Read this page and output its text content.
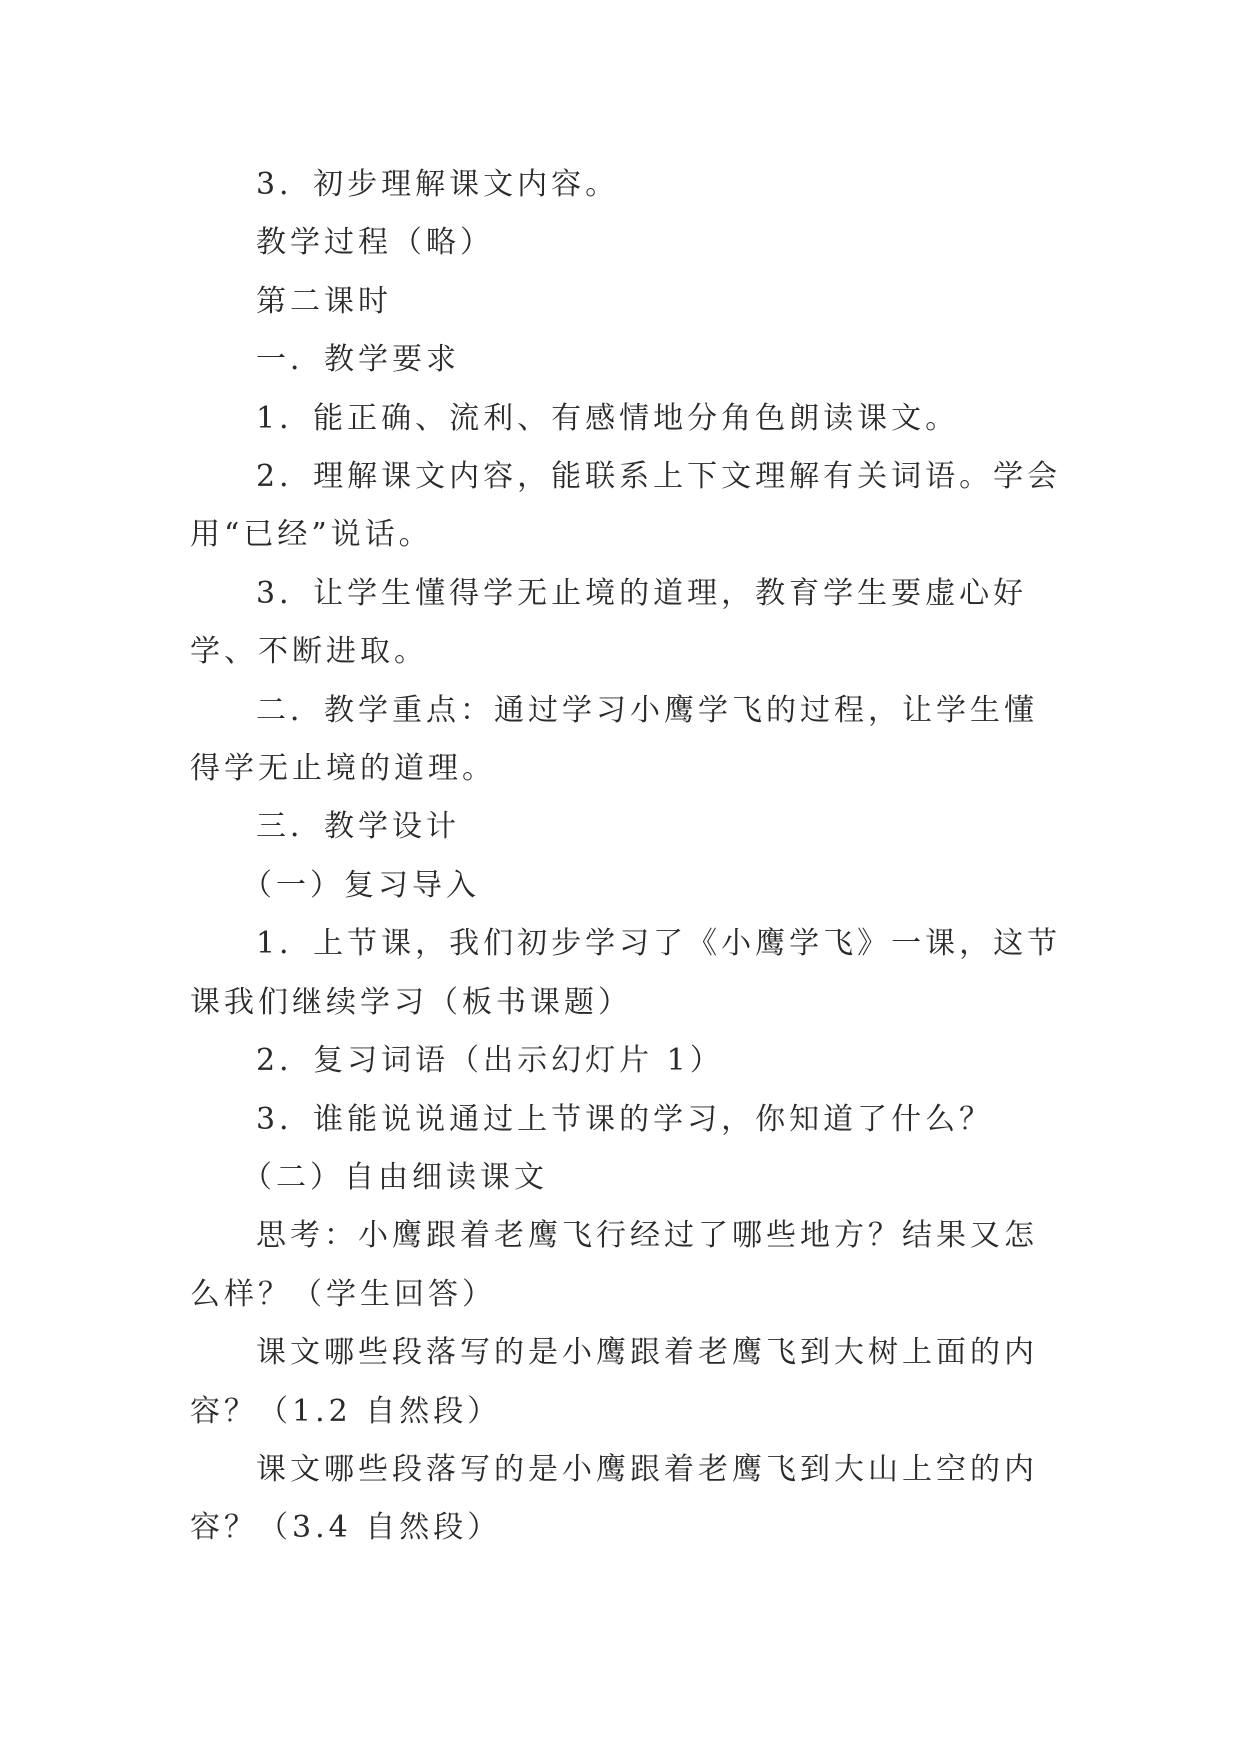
3．初步理解课文内容。

教学过程（略）

第二课时

一．教学要求

1．能正确、流利、有感情地分角色朗读课文。

2．理解课文内容，能联系上下文理解有关词语。学会用“已经”说话。

3．让学生懂得学无止境的道理，教育学生要虚心好学、不断进取。

二．教学重点：通过学习小鹰学飞的过程，让学生懂得学无止境的道理。

三．教学设计

（一）复习导入

1．上节课，我们初步学习了《小鹰学飞》一课，这节课我们继续学习（板书课题）

2．复习词语（出示幻灯片 1）

3．谁能说说通过上节课的学习，你知道了什么？

（二）自由细读课文

思考：小鹰跟着老鹰飞行经过了哪些地方？结果又怎么样？（学生回答）

课文哪些段落写的是小鹰跟着老鹰飞到大树上面的内容？（1.2 自然段）

课文哪些段落写的是小鹰跟着老鹰飞到大山上空的内容？（3.4 自然段）
